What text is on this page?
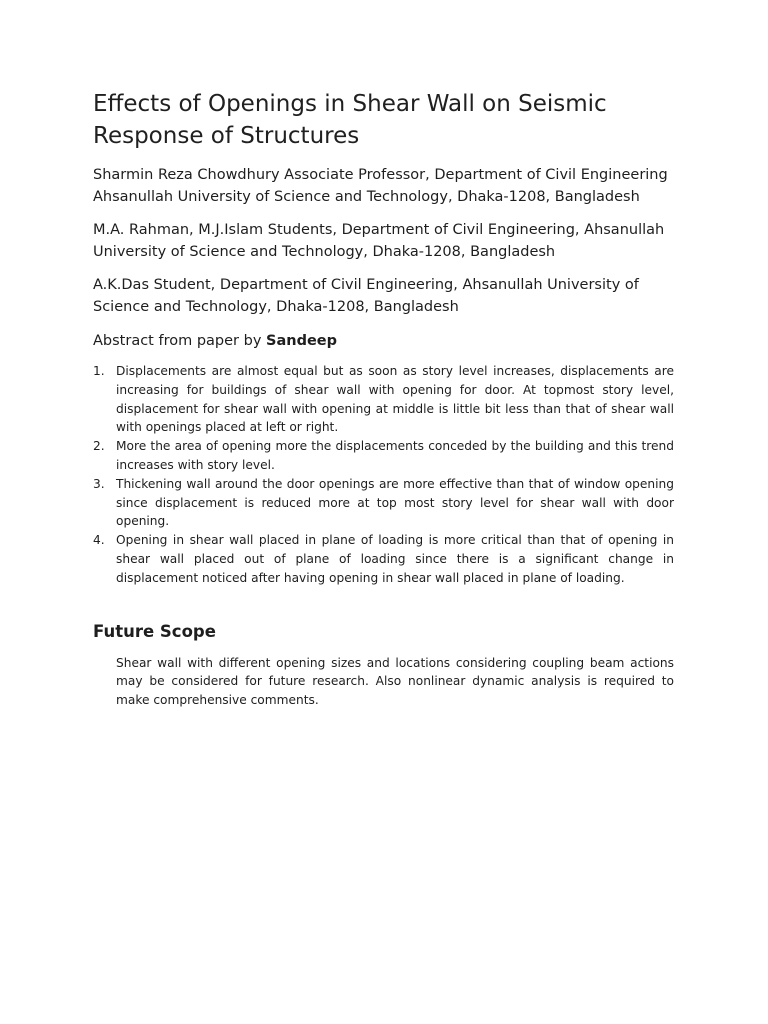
Effects of Openings in Shear Wall on Seismic Response of Structures

Sharmin Reza Chowdhury Associate Professor, Department of Civil Engineering Ahsanullah University of Science and Technology, Dhaka-1208, Bangladesh

M.A. Rahman, M.J.Islam Students, Department of Civil Engineering, Ahsanullah University of Science and Technology, Dhaka-1208, Bangladesh

A.K.Das Student, Department of Civil Engineering, Ahsanullah University of Science and Technology, Dhaka-1208, Bangladesh

Abstract from paper by Sandeep

1. Displacements are almost equal but as soon as story level increases, displacements are increasing for buildings of shear wall with opening for door. At topmost story level, displacement for shear wall with opening at middle is little bit less than that of shear wall with openings placed at left or right.
2. More the area of opening more the displacements conceded by the building and this trend increases with story level.
3. Thickening wall around the door openings are more effective than that of window opening since displacement is reduced more at top most story level for shear wall with door opening.
4. Opening in shear wall placed in plane of loading is more critical than that of opening in shear wall placed out of plane of loading since there is a significant change in displacement noticed after having opening in shear wall placed in plane of loading.
Future Scope

Shear wall with different opening sizes and locations considering coupling beam actions may be considered for future research. Also nonlinear dynamic analysis is required to make comprehensive comments.
